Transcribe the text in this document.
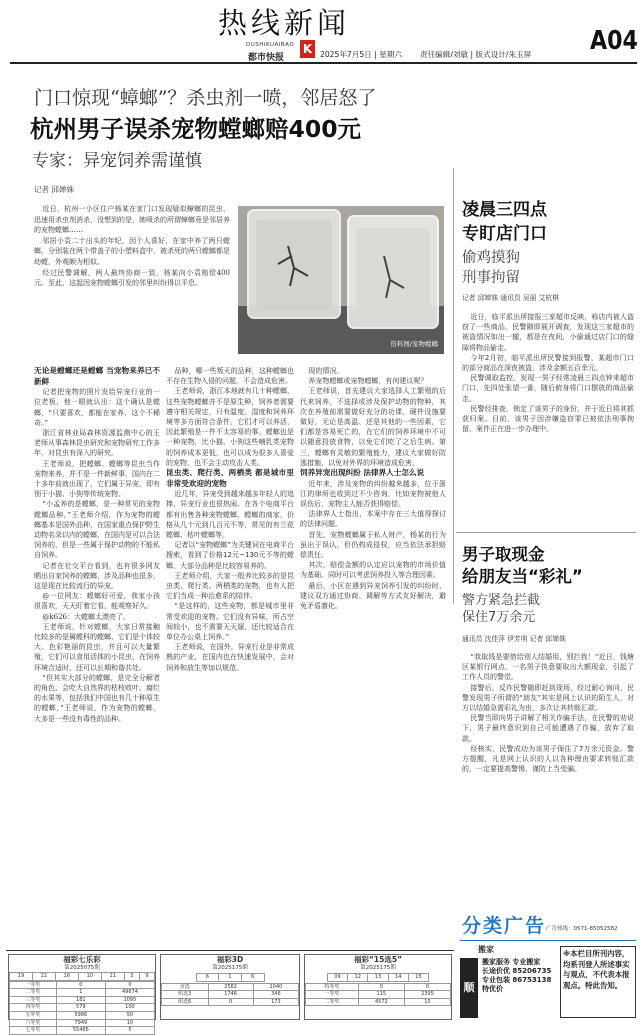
热线新闻
DUSHIKUAIBAO
都市快报
K	2025年7月5日 | 星期六 责任编辑/刘敏 | 版式设计/朱玉屏 A04
门口惊现“蟑螂”？杀虫剂一喷，邻居怒了
杭州男子误杀宠物螳螂赔400元
专家：异宠饲养需谨慎
记者 邱婵姝

近日，杭州一小区住户杨某在家门口发现疑似蟑螂的昆虫，迅速用杀虫剂消杀，没想到的是，她喷杀的所谓蟑螂竟是邻居养的宠物螳螂……

邻居小袁二十出头的年纪，因个人喜好，在家中养了两只螳螂，分别装在两个带盖子的小塑料盒中，被杀死的两只螳螂都是幼螳，外观颇为相似。

经过民警调解，两人最终协商一致，杨某向小袁赔偿400元。至此，这起因宠物螳螂引发的邻里纠纷得以平息。

资料图/宠物螳螂

无论是螳螂还是螳螂 当宠物来养已不新鲜

记者把宠物的照片发给异宠行业的一位老板，他一眼就认出：这个确认是螳螂，“只要喜欢，都能在家养，这个不稀奇。”

浙江省林业局森林资源监测中心的王老师从事森林昆虫研究和宠物研究工作多年，对昆虫有深入的研究。

王老师说，把螳螂、螳螂等昆虫当作宠物来养，并不是一件新鲜事，国内在二十多年前就出现了，它们属于异宠，即有别于小猫、小狗等传统宠物。

“小孟养的是螳螂，是一种常见的宠物螳螂品种，”王老师介绍，作为宠物的螳螂基本是国外品种，在国家重点保护野生动物名录以内的螳螂，在国内是可以合法饲养的，但是一些属于保护动物的不能私自饲养。

记者在社交平台看到，也有很多网友晒出自家饲养的螳螂，涉及品种也很多，这是现在比较流行的异宠。

@一位网友：螳螂好可爱，我家小孩很喜欢，天天盯着它看，能观察好久。

@k626：大螳螂太漂亮了。

王老师说，针对螳螂，大家日常接触比较多的是属螳科的螳螂，它们是个体较大、色彩艳丽的昆虫，并且可以大量繁殖，它们可以食用活体的小昆虫，在饲养环境合适时，还可以长期和谐共处。

“但其实大部分的螳螂，是完全分解者的角色，会吃大自然界的枯枝败叶、腐烂的水果等，包括我们中国也有几十种原生的螳螂，”王老师说，作为宠物的螳螂，大多是一些没有毒性的品种。

品种，哪一些叛天的品种，这种螳螂也不存在生物入侵的问题，不会造成危害。

王老师说，浙江本地就有几十种螳螂，这些宠物螳螂并不是原生种，饲养者需要遵守相关规定，只有温度、湿度和饲养环境等多方面符合条件，它们才可以养活，因此繁殖是一件不太容易的事。螳螂也是一种宠物，比小猫、小狗这些哺乳类宠物的饲养成本更低，也可以成为很多人喜爱的宠物，也不会主动攻击人类。

昆虫类、爬行类、两栖类 都是城市里非常受欢迎的宠物

近几年，异宠受到越来越多年轻人的追捧，异宠行业也很热闹。在各个电商平台都有出售各种宠物螳螂、螳螂的商家，价格从几十元到几百元不等，常见的有兰花螳螂、枯叶螳螂等。

记者以“宠物螳螂”为关键词在电商平台搜索，看到了价格12元~130元不等的螳螂，大部分品种是比较容易养的。

王老师介绍，大家一般养比较多的是昆虫类、爬行类、两栖类的宠物，也有人把它们当成一种治愈系的陪伴。

“是这样的，这些宠物，都是城市里非常受欢迎的宠物。它们没有异味，所占空间较小，也不需要天天遛，还比较适合在单位办公桌上饲养。”

王老师说，在国外，异宠行业是非常成熟的产业，在国内也在快速发展中，会对饲养和放生等加以规范。

现的情况。

养宠物螳螂或宠物螳螂，有何建议呢？

王老师说，首先建议大家选择人工繁殖的后代来饲养，不选择或涉及保护动物的物种，其次在养殖前需要做好充分的功课，硬件设施要做好，无论是高温、还是其他的一些因素，它们都是容易死亡的，在它们的饲养环境中不可以随意投放食物，以免它们吃了之后生病。第三，螳螂有灵敏的繁殖能力，建议大家做好防逃措施，以免对外界的环境造成危害。

饲养异宠出现纠纷 法律界人士怎么说

近年来，涉及宠物的纠纷越来越多，位于浙江的律所也收到过不少咨询，比如宠物被他人误伤后，宠物主人能否获得赔偿。

法律界人士指出，本案中存在三大值得探讨的法律问题。

首先，宠物螳螂属于私人财产，杨某的行为虽出于误认，但仍构成侵权，应当依法承担赔偿责任。

其次，赔偿金额的认定应以宠物的市场价值为基础，同时可以考虑饲养投入等合理因素。

最后，小区在遇到异宠饲养引发的纠纷时，建议双方通过协商、调解等方式友好解决，避免矛盾激化。

凌晨三四点
专盯店门口
偷鸡摸狗
刑事拘留
记者 邱婵姝 通讯员 吴丽 艾杭棋

近日，临平派出所接报三家超市反映，称店内被人盗窃了一些商品，民警随即展开调查，发现这三家超市的被盗情况如出一辙，都是在夜间，小偷通过店门口的缝隙将物品偷走。

今年2月初，临平派出所民警接到报警，某超市门口的部分商品在深夜被盗，涉及金额五百余元。

民警调取监控，发现一男子经常凌晨三四点钟来超市门口，先四处张望一番，随后俯身将门口摆放的商品偷走。

民警经排查，锁定了该男子的身份，并于近日将其抓获归案。目前，该男子因涉嫌盗窃罪已被依法刑事拘留，案件正在进一步办理中。

男子取现金
给朋友当“彩礼”
警方紧急拦截
保住7万余元
通讯员 沈佳萍 伊芳明 记者 邱婵姝

“我取钱是要借给别人结婚用，别拦我！”近日，钱塘区某银行网点，一名男子执意要取出大额现金，引起了工作人员的警觉。

接警后，反诈民警随即赶到现场，经过耐心询问，民警发现男子所谓的“朋友”其实是网上认识的陌生人，对方以结婚急需彩礼为由，多次让其转账汇款。

民警当即向男子讲解了相关诈骗手法，在民警的劝说下，男子最终意识到自己可能遭遇了诈骗，放弃了取款。

经核实，民警成功为该男子保住了7万余元资金。警方提醒，凡是网上认识的人以各种理由要求转账汇款的，一定要提高警惕，谨防上当受骗。

福彩七乐彩
第2025075期
19	22	16	10	11	3	9
一等奖	0	0
二等奖	1	49674
三等奖	181	1095
四等奖	579	100
五等奖	5986	50
六等奖	7949	10
七等奖	55466	5
福彩3D
第2025175期
6	1	6
直选	2582	1040
组选3	1746	346
组选6	0	173
福彩“15选5”
第2025175期
09	12	13	14	15
特等奖	0	0
一等奖	115	2395
二等奖	4572	10
分类广告 广告热线：0571-85052582
搬家
顺
搬家服务 专业搬家
长途价优 85206735
专业包装 86753138 特优价
※本栏目所刊内容，均系刊登人所述事实与观点，不代表本报观点。特此告知。
